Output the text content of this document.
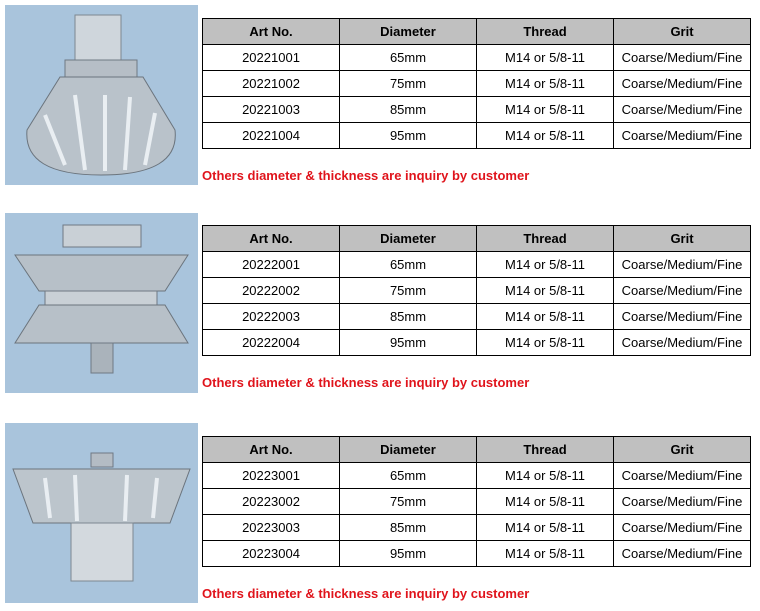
Art No.	Diameter	Thread	Grit
20221001	65mm	M14 or 5/8-11	Coarse/Medium/Fine
20221002	75mm	M14 or 5/8-11	Coarse/Medium/Fine
20221003	85mm	M14 or 5/8-11	Coarse/Medium/Fine
20221004	95mm	M14 or 5/8-11	Coarse/Medium/Fine
Others diameter & thickness are inquiry by customer
Art No.	Diameter	Thread	Grit
20222001	65mm	M14 or 5/8-11	Coarse/Medium/Fine
20222002	75mm	M14 or 5/8-11	Coarse/Medium/Fine
20222003	85mm	M14 or 5/8-11	Coarse/Medium/Fine
20222004	95mm	M14 or 5/8-11	Coarse/Medium/Fine
Others diameter & thickness are inquiry by customer
Art No.	Diameter	Thread	Grit
20223001	65mm	M14 or 5/8-11	Coarse/Medium/Fine
20223002	75mm	M14 or 5/8-11	Coarse/Medium/Fine
20223003	85mm	M14 or 5/8-11	Coarse/Medium/Fine
20223004	95mm	M14 or 5/8-11	Coarse/Medium/Fine
Others diameter & thickness are inquiry by customer
